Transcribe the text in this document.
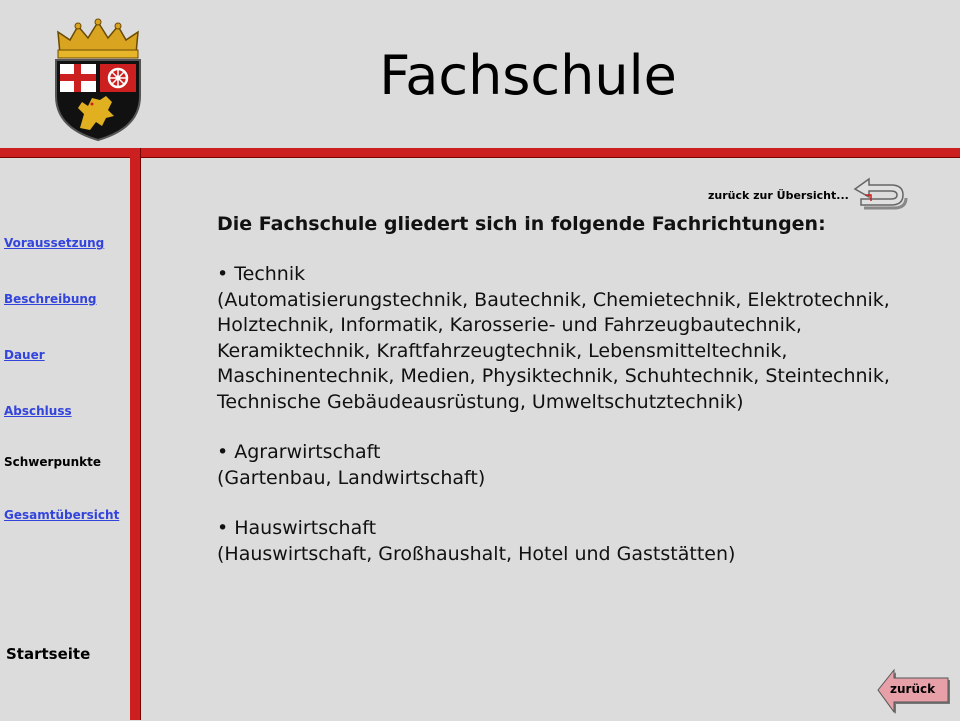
Fachschule
Voraussetzung
Beschreibung
Dauer
Abschluss
Schwerpunkte
Gesamtübersicht
Startseite
zurück zur Übersicht...

Die Fachschule gliedert sich in folgende Fachrichtungen:

• Technik
(Automatisierungstechnik, Bautechnik, Chemietechnik, Elektrotechnik, Holztechnik, Informatik, Karosserie- und Fahrzeugbautechnik, Keramiktechnik, Kraftfahrzeugtechnik, Lebensmitteltechnik, Maschinentechnik, Medien, Physiktechnik, Schuhtechnik, Steintechnik, Technische Gebäudeausrüstung, Umweltschutztechnik)
• Agrarwirtschaft
(Gartenbau, Landwirtschaft)
• Hauswirtschaft
(Hauswirtschaft, Großhaushalt, Hotel und Gaststätten)
zurück
